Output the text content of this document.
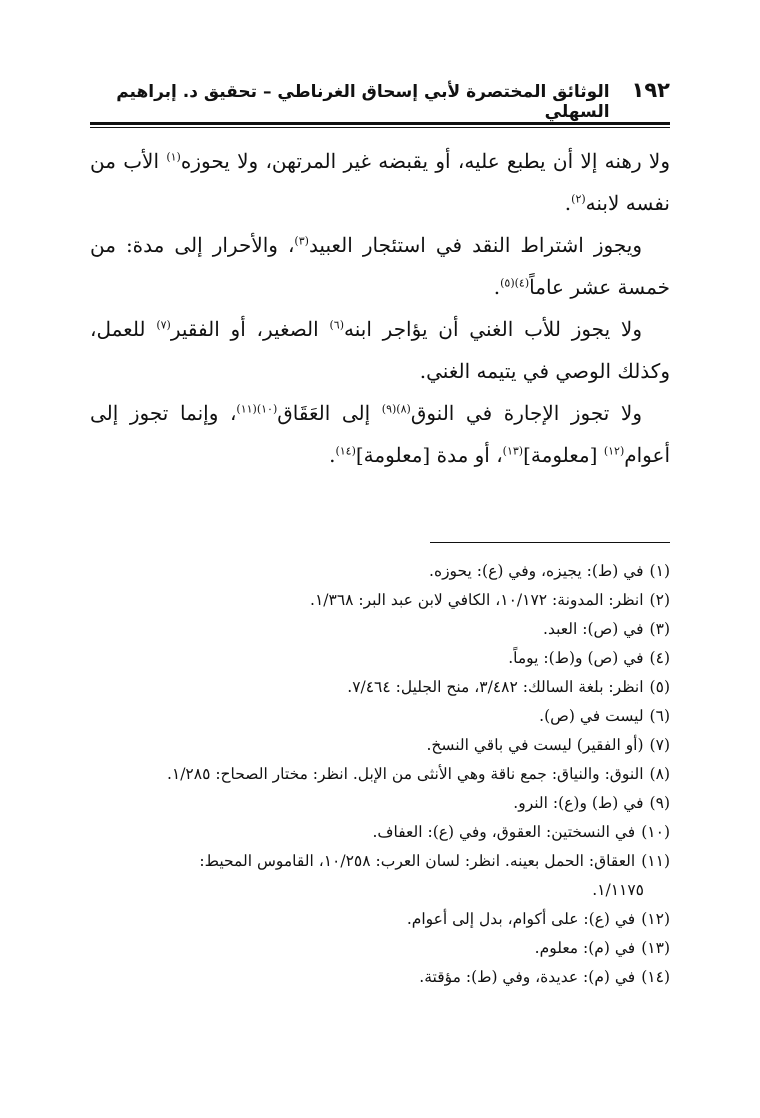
١٩٢
الوثائق المختصرة لأبي إسحاق الغرناطي – تحقيق د. إبراهيم السهلي

ولا رهنه إلا أن يطبع عليه، أو يقبضه غير المرتهن، ولا يحوزه$^{(١)}$ الأب من نفسه لابنه$^{(٢)}$.

ويجوز اشتراط النقد في استئجار العبيد$^{(٣)}$، والأحرار إلى مدة: من خمسة عشر عاماً$^{(٤)(٥)}$.

ولا يجوز للأب الغني أن يؤاجر ابنه$^{(٦)}$ الصغير، أو الفقير$^{(٧)}$ للعمل، وكذلك الوصي في يتيمه الغني.

ولا تجوز الإجارة في النوق$^{(٨)(٩)}$ إلى العَقَاق$^{(١٠)(١١)}$، وإنما تجوز إلى أعوام$^{(١٢)}$ [معلومة]$^{(١٣)}$، أو مدة [معلومة]$^{(١٤)}$.

(١)في (ط): يجيزه، وفي (ع): يحوزه.

(٢)انظر: المدونة: ١٠/١٧٢، الكافي لابن عبد البر: ١/٣٦٨.

(٣)في (ص): العبد.

(٤)في (ص) و(ط): يوماً.

(٥)انظر: بلغة السالك: ٣/٤٨٢، منح الجليل: ٧/٤٦٤.

(٦)ليست في (ص).

(٧)(أو الفقير) ليست في باقي النسخ.

(٨)النوق: والنياق: جمع ناقة وهي الأنثى من الإبل. انظر: مختار الصحاح: ١/٢٨٥.

(٩)في (ط) و(ع): النرو.

(١٠)في النسختين: العقوق، وفي (ع): العفاف.

(١١)العقاق: الحمل بعينه. انظر: لسان العرب: ١٠/٢٥٨، القاموس المحيط:

١/١١٧٥.

(١٢)في (ع): على أكوام، بدل إلى أعوام.

(١٣)في (م): معلوم.

(١٤)في (م): عديدة، وفي (ط): مؤقتة.
